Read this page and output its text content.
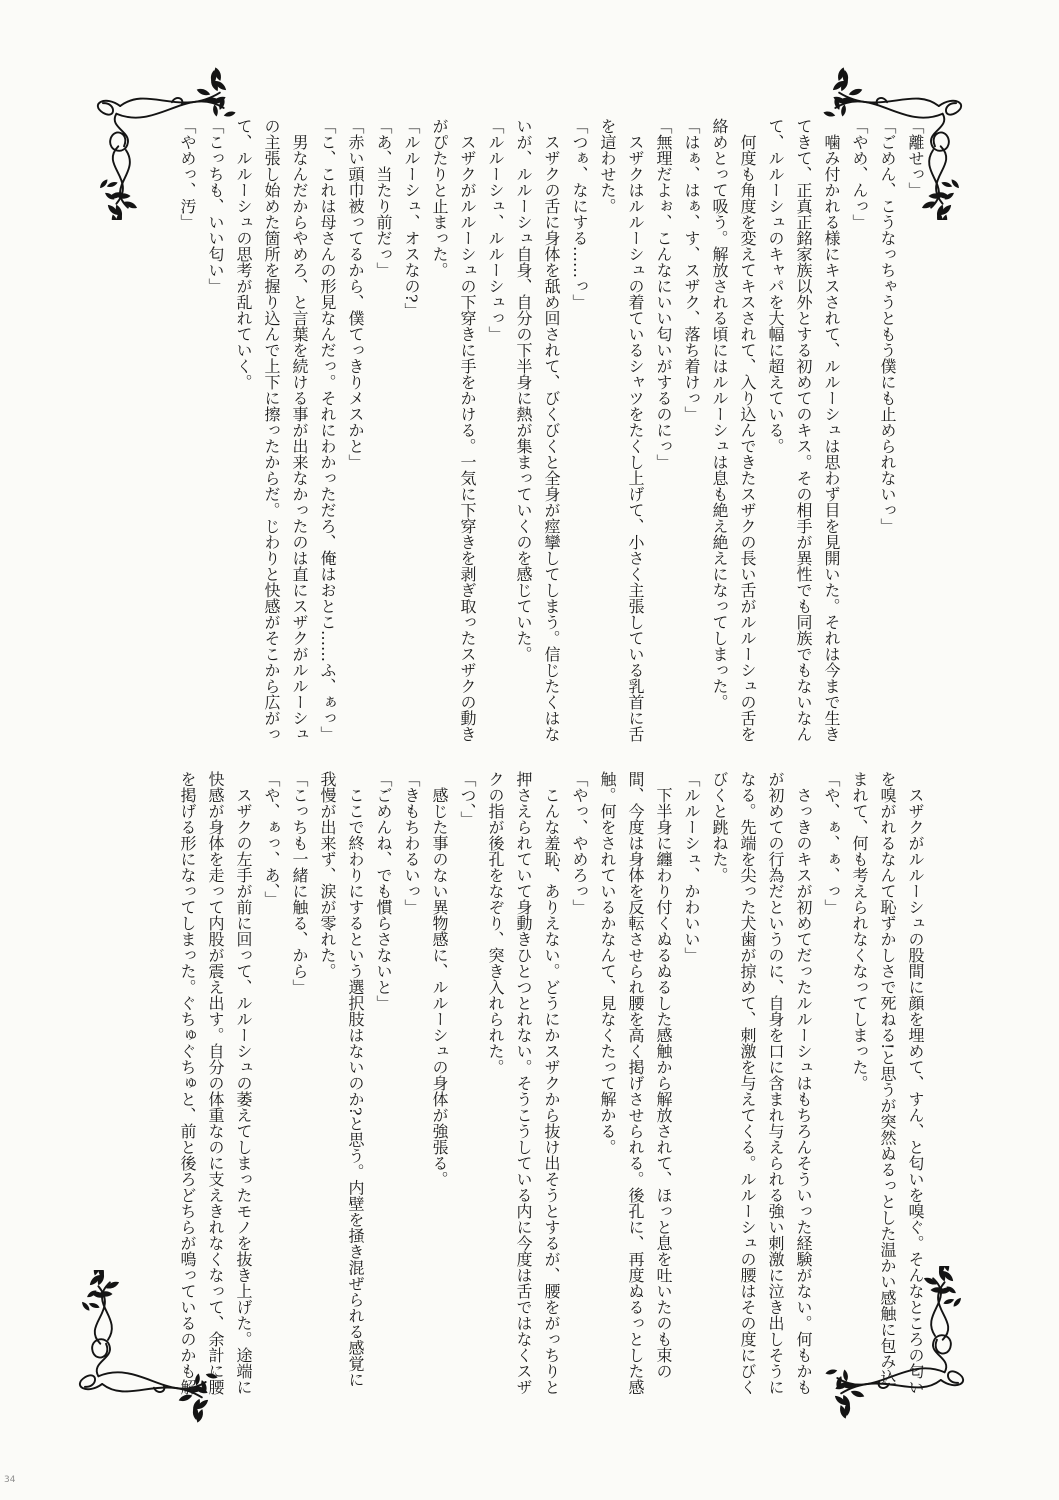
「離せっ」

「ごめん、こうなっちゃうともう僕にも止められないっ」

「やめ、んっ」

噛み付かれる様にキスされて、ルルーシュは思わず目を見開いた。それは今まで生きてきて、正真正銘家族以外とする初めてのキス。その相手が異性でも同族でもないなんて、ルルーシュのキャパを大幅に超えている。

何度も角度を変えてキスされて、入り込んできたスザクの長い舌がルルーシュの舌を絡めとって吸う。解放される頃にはルルーシュは息も絶え絶えになってしまった。

「はぁ、はぁ、す、スザク、落ち着けっ」

「無理だよぉ、こんなにいい匂いがするのにっ」

スザクはルルーシュの着ているシャツをたくし上げて、小さく主張している乳首に舌を這わせた。

「つぁ、なにする……っ」

スザクの舌に身体を舐め回されて、びくびくと全身が痙攣してしまう。信じたくはないが、ルルーシュ自身、自分の下半身に熱が集まっていくのを感じていた。

「ルルーシュ、ルルーシュっ」

スザクがルルーシュの下穿きに手をかける。一気に下穿きを剥ぎ取ったスザクの動きがぴたりと止まった。

「ルルーシュ、オスなの?」

「あ、当たり前だっ」

「赤い頭巾被ってるから、僕てっきりメスかと」

「こ、これは母さんの形見なんだっ。それにわかっただろ、俺はおとこ……ふ、ぁっ」

男なんだからやめろ、と言葉を続ける事が出来なかったのは直にスザクがルルーシュの主張し始めた箇所を握り込んで上下に擦ったからだ。じわりと快感がそこから広がって、ルルーシュの思考が乱れていく。

「こっちも、いい匂い」

「やめっ、汚」

スザクがルルーシュの股間に顔を埋めて、すん、と匂いを嗅ぐ。そんなところの匂いを嗅がれるなんて恥ずかしさで死ねる!と思うが突然ぬるっとした温かい感触に包み込まれて、何も考えられなくなってしまった。

「や、ぁ、ぁ、っ」

さっきのキスが初めてだったルルーシュはもちろんそういった経験がない。何もかもが初めての行為だというのに、自身を口に含まれ与えられる強い刺激に泣き出しそうになる。先端を尖った犬歯が掠めて、刺激を与えてくる。ルルーシュの腰はその度にびくびくと跳ねた。

「ルルーシュ、かわいい」

下半身に纏わり付くぬるぬるした感触から解放されて、ほっと息を吐いたのも束の間、今度は身体を反転させられ腰を高く掲げさせられる。後孔に、再度ぬるっとした感触。何をされているかなんて、見なくたって解かる。

「やっ、やめろっ」

こんな羞恥、ありえない。どうにかスザクから抜け出そうとするが、腰をがっちりと押さえられていて身動きひとつとれない。そうこうしている内に今度は舌ではなくスザクの指が後孔をなぞり、突き入れられた。

「つ、」

感じた事のない異物感に、ルルーシュの身体が強張る。

「きもちわるいっ」

「ごめんね、でも慣らさないと」

ここで終わりにするという選択肢はないのか?と思う。内壁を掻き混ぜられる感覚に我慢が出来ず、涙が零れた。

「こっちも一緒に触る、から」

「や、ぁっ、あ、」

スザクの左手が前に回って、ルルーシュの萎えてしまったモノを抜き上げた。途端に快感が身体を走って内股が震え出す。自分の体重なのに支えきれなくなって、余計に腰を掲げる形になってしまった。ぐちゅぐちゅと、前と後ろどちらが鳴っているのかも解

34
